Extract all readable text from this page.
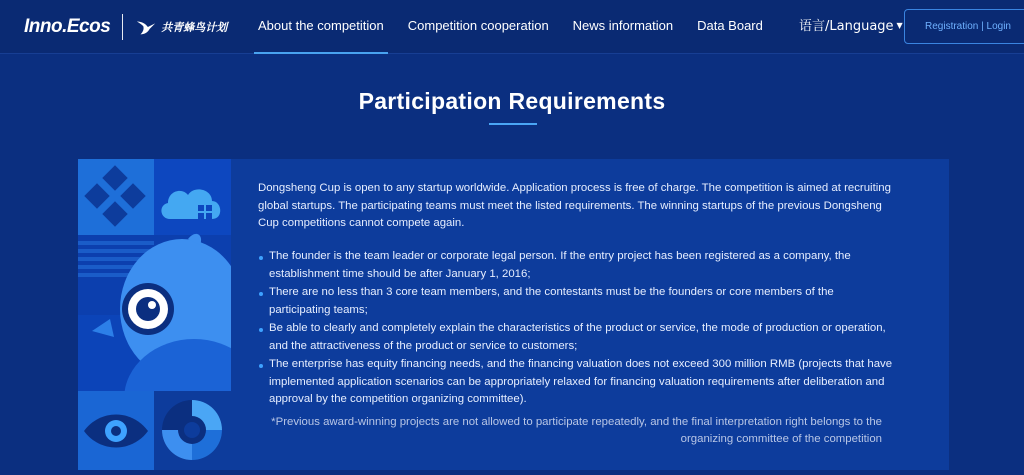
Inno.Ecos	共青蜂鸟计划	About the competition	Competition cooperation	News information	Data Board	语言/Language ▼	Registration | Login
Participation Requirements

Dongsheng Cup is open to any startup worldwide. Application process is free of charge. The competition is aimed at recruiting global startups. The participating teams must meet the listed requirements. The winning startups of the previous Dongsheng Cup competitions cannot compete again.

The founder is the team leader or corporate legal person. If the entry project has been registered as a company, the establishment time should be after January 1, 2016;
There are no less than 3 core team members, and the contestants must be the founders or core members of the participating teams;
Be able to clearly and completely explain the characteristics of the product or service, the mode of production or operation, and the attractiveness of the product or service to customers;
The enterprise has equity financing needs, and the financing valuation does not exceed 300 million RMB (projects that have implemented application scenarios can be appropriately relaxed for financing valuation requirements after deliberation and approval by the competition organizing committee).

*Previous award-winning projects are not allowed to participate repeatedly, and the final interpretation right belongs to the organizing committee of the competition
